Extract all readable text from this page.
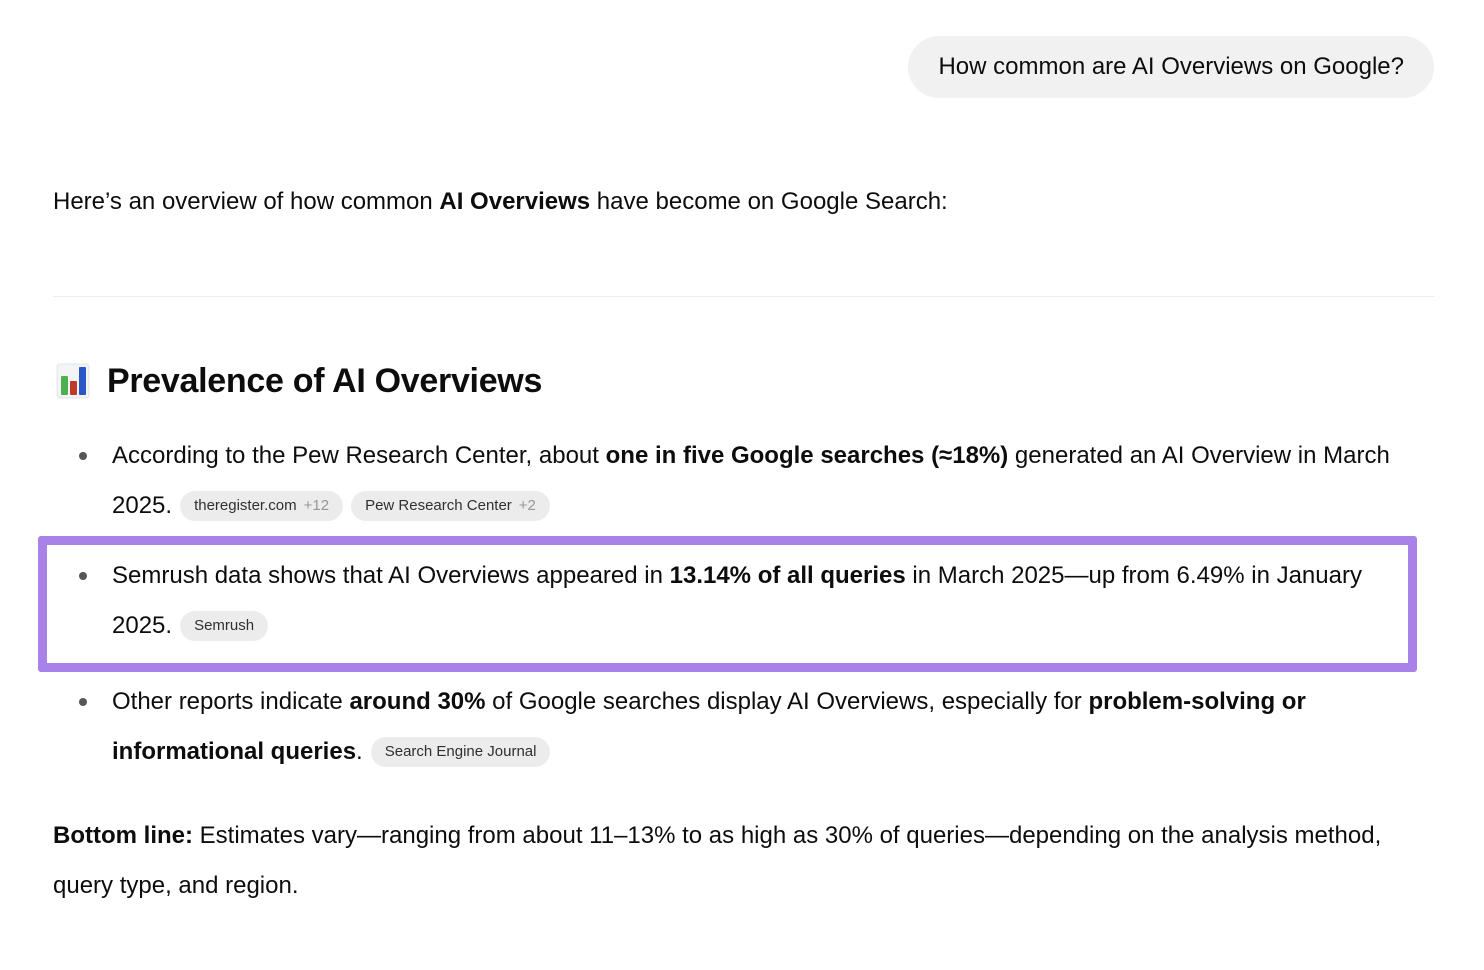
How common are AI Overviews on Google?

Here’s an overview of how common AI Overviews have become on Google Search:

Prevalence of AI Overviews
According to the Pew Research Center, about one in five Google searches (≈18%) generated an AI Overview in March 2025. theregister.com +12 Pew Research Center +2
Semrush data shows that AI Overviews appeared in 13.14% of all queries in March 2025—up from 6.49% in January 2025. Semrush
Other reports indicate around 30% of Google searches display AI Overviews, especially for problem-solving or informational queries. Search Engine Journal

Bottom line: Estimates vary—ranging from about 11–13% to as high as 30% of queries—depending on the analysis method, query type, and region.
